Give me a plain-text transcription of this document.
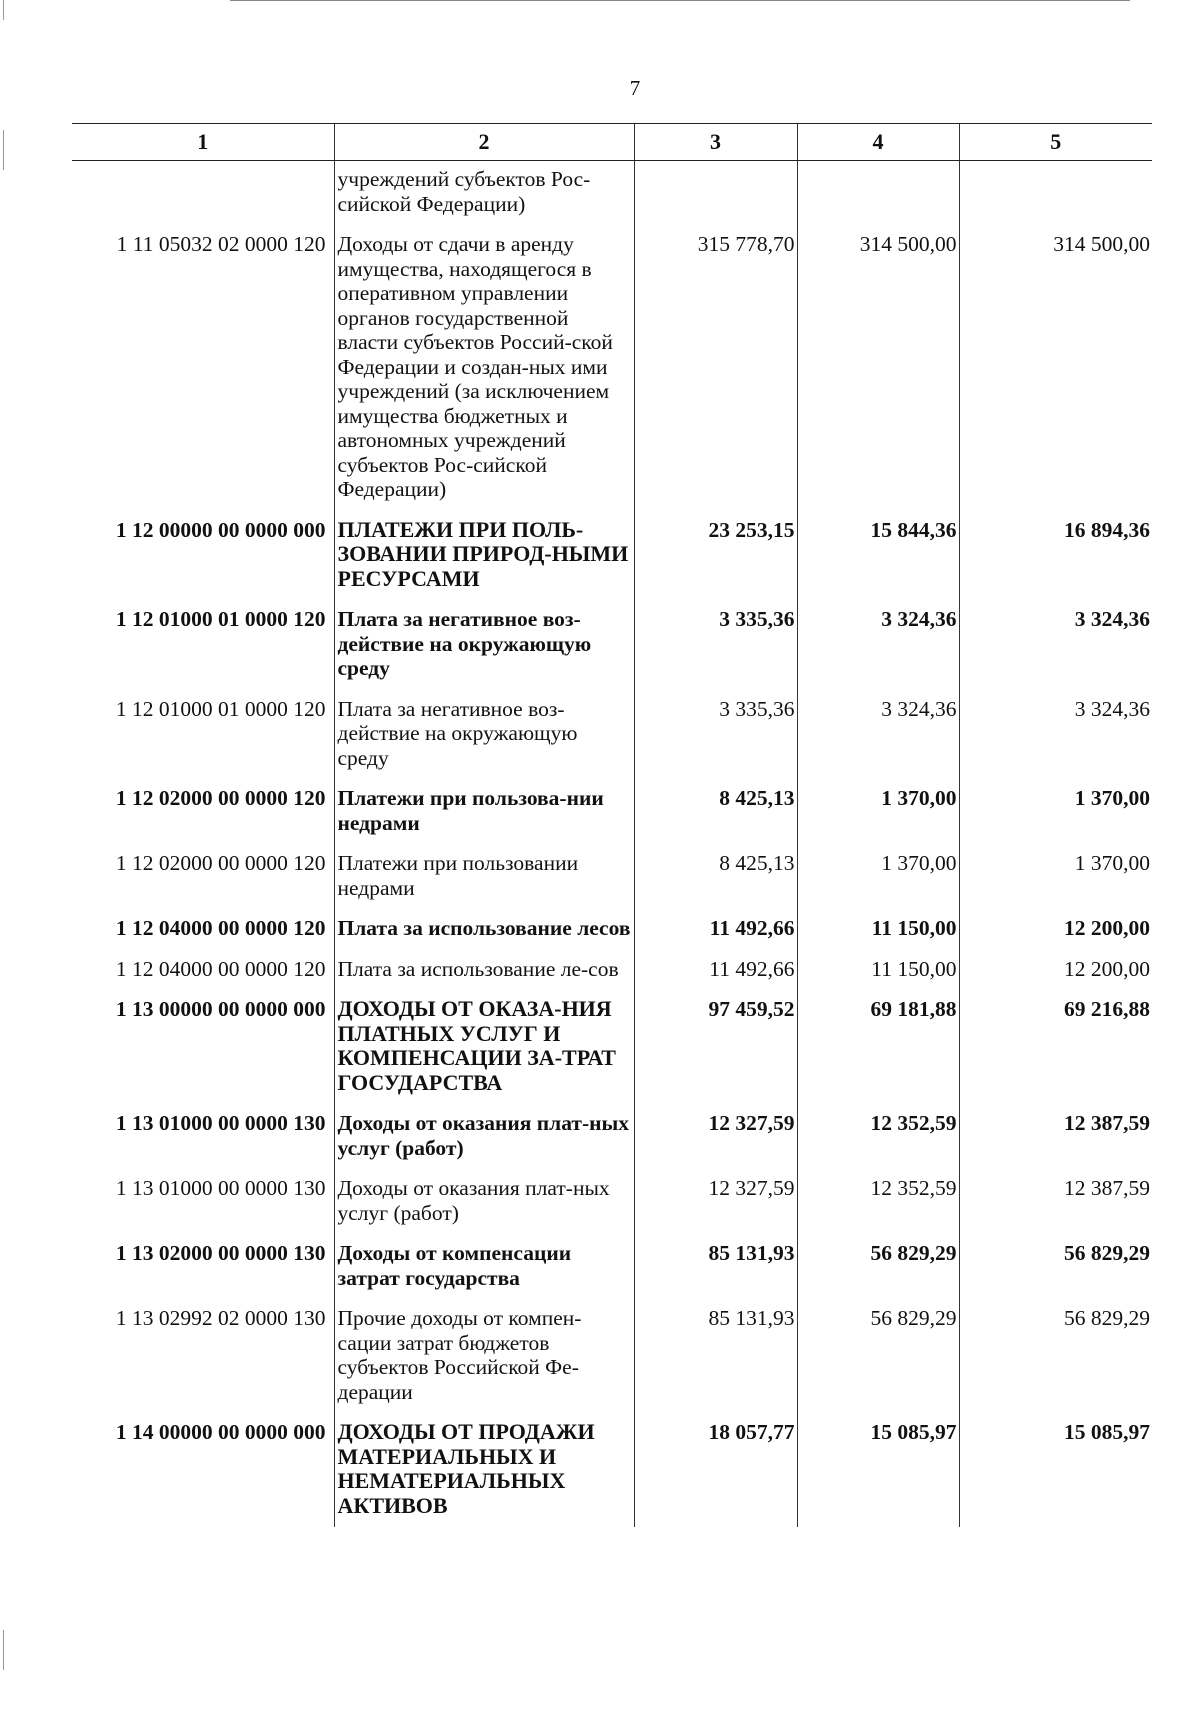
7
1	2	3	4	5
	учреждений субъектов Рос-
сийской Федерации)			
1 11 05032 02 0000 120	Доходы от сдачи в аренду имущества, находящегося в оперативном управлении органов государственной власти субъектов Россий-ской Федерации и создан-ных ими учреждений (за исключением имущества бюджетных и автономных учреждений субъектов Рос-сийской Федерации)	315 778,70	314 500,00	314 500,00
1 12 00000 00 0000 000	ПЛАТЕЖИ ПРИ ПОЛЬ-ЗОВАНИИ ПРИРОД-НЫМИ РЕСУРСАМИ	23 253,15	15 844,36	16 894,36
1 12 01000 01 0000 120	Плата за негативное воз-действие на окружающую среду	3 335,36	3 324,36	3 324,36
1 12 01000 01 0000 120	Плата за негативное воз-действие на окружающую среду	3 335,36	3 324,36	3 324,36
1 12 02000 00 0000 120	Платежи при пользова-нии недрами	8 425,13	1 370,00	1 370,00
1 12 02000 00 0000 120	Платежи при пользовании недрами	8 425,13	1 370,00	1 370,00
1 12 04000 00 0000 120	Плата за использование лесов	11 492,66	11 150,00	12 200,00
1 12 04000 00 0000 120	Плата за использование ле-сов	11 492,66	11 150,00	12 200,00
1 13 00000 00 0000 000	ДОХОДЫ ОТ ОКАЗА-НИЯ ПЛАТНЫХ УСЛУГ И КОМПЕНСАЦИИ ЗА-ТРАТ ГОСУДАРСТВА	97 459,52	69 181,88	69 216,88
1 13 01000 00 0000 130	Доходы от оказания плат-ных услуг (работ)	12 327,59	12 352,59	12 387,59
1 13 01000 00 0000 130	Доходы от оказания плат-ных услуг (работ)	12 327,59	12 352,59	12 387,59
1 13 02000 00 0000 130	Доходы от компенсации затрат государства	85 131,93	56 829,29	56 829,29
1 13 02992 02 0000 130	Прочие доходы от компен-сации затрат бюджетов субъектов Российской Фе-дерации	85 131,93	56 829,29	56 829,29
1 14 00000 00 0000 000	ДОХОДЫ ОТ ПРОДАЖИ МАТЕРИАЛЬНЫХ И НЕМАТЕРИАЛЬНЫХ АКТИВОВ	18 057,77	15 085,97	15 085,97
